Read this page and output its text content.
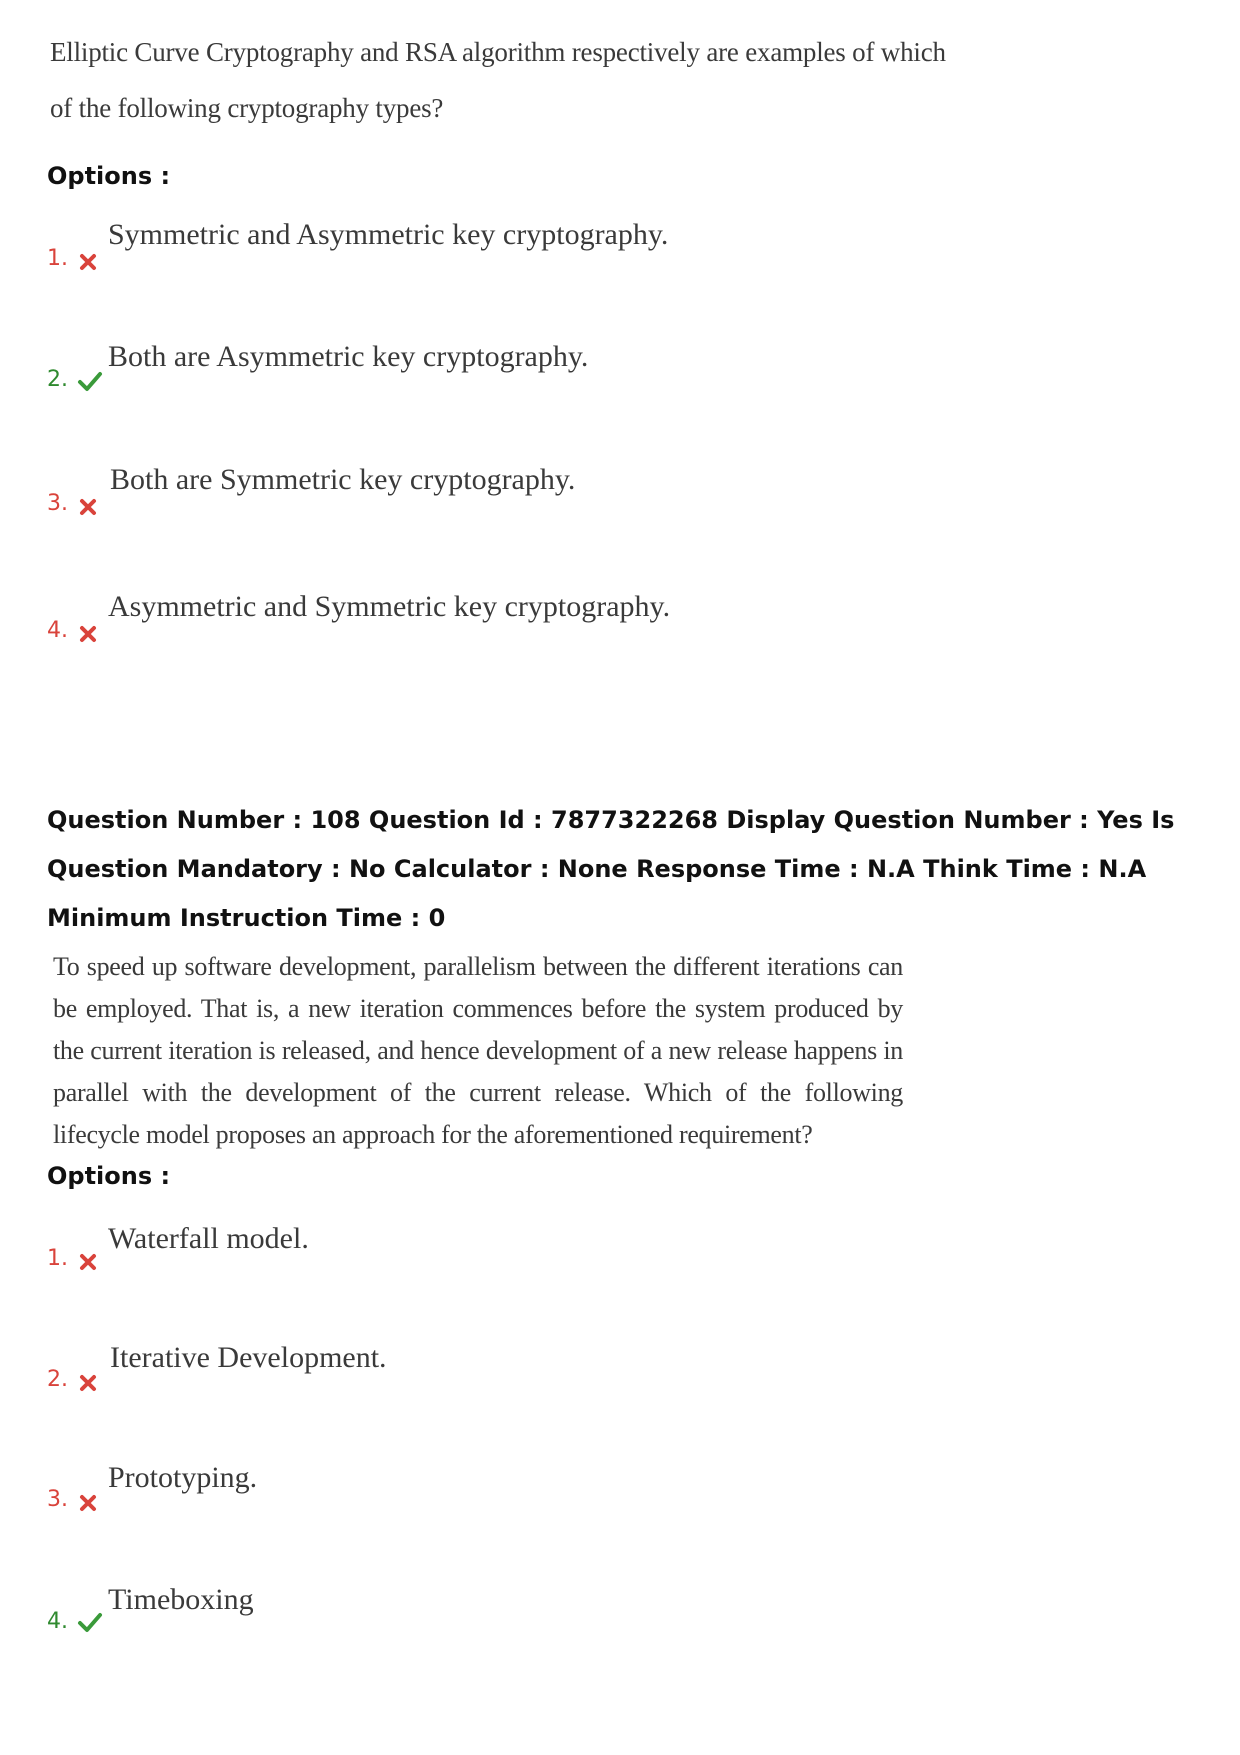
Elliptic Curve Cryptography and RSA algorithm respectively are examples of which

of the following cryptography types?

Options :

1.
Symmetric and Asymmetric key cryptography.
2.
Both are Asymmetric key cryptography.
3.
Both are Symmetric key cryptography.
4.
Asymmetric and Symmetric key cryptography.

Question Number : 108 Question Id : 7877322268 Display Question Number : Yes Is Question Mandatory : No Calculator : None Response Time : N.A Think Time : N.A Minimum Instruction Time : 0

To speed up software development, parallelism between the different iterations can be employed. That is, a new iteration commences before the system produced by the current iteration is released, and hence development of a new release happens in parallel with the development of the current release. Which of the following lifecycle model proposes an approach for the aforementioned requirement?

Options :

1.
Waterfall model.
2.
Iterative Development.
3.
Prototyping.
4.
Timeboxing
